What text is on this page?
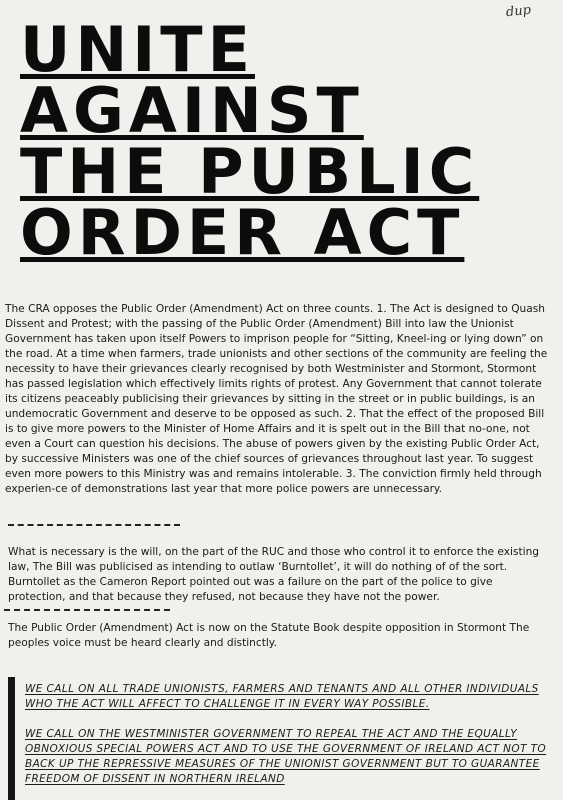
dup
UNITE
AGAINST
THE PUBLIC
ORDER ACT

The CRA opposes the Public Order (Amendment) Act on three counts. 1. The Act is designed to Quash Dissent and Protest; with the passing of the Public Order (Amendment) Bill into law the Unionist Government has taken upon itself Powers to imprison people for “Sitting, Kneel-ing or lying down” on the road. At a time when farmers, trade unionists and other sections of the community are feeling the necessity to have their grievances clearly recognised by both Westminister and Stormont, Stormont has passed legislation which effectively limits rights of protest. Any Government that cannot tolerate its citizens peaceably publicising their grievances by sitting in the street or in public buildings, is an undemocratic Government and deserve to be opposed as such. 2. That the effect of the proposed Bill is to give more powers to the Minister of Home Affairs and it is spelt out in the Bill that no-one, not even a Court can question his decisions. The abuse of powers given by the existing Public Order Act, by successive Ministers was one of the chief sources of grievances throughout last year. To suggest even more powers to this Ministry was and remains intolerable. 3. The conviction firmly held through experien-ce of demonstrations last year that more police powers are unnecessary.

What is necessary is the will, on the part of the RUC and those who control it to enforce the existing law, The Bill was publicised as intending to outlaw ‘Burntollet’, it will do nothing of of the sort. Burntollet as the Cameron Report pointed out was a failure on the part of the police to give protection, and that because they refused, not because they have not the power.

The Public Order (Amendment) Act is now on the Statute Book despite opposition in Stormont The peoples voice must be heard clearly and distinctly.

WE CALL ON ALL TRADE UNIONISTS, FARMERS AND TENANTS AND ALL OTHER INDIVIDUALS WHO THE ACT WILL AFFECT TO CHALLENGE IT IN EVERY WAY POSSIBLE.

WE CALL ON THE WESTMINISTER GOVERNMENT TO REPEAL THE ACT AND THE EQUALLY OBNOXIOUS SPECIAL POWERS ACT AND TO USE THE GOVERNMENT OF IRELAND ACT NOT TO BACK UP THE REPRESSIVE MEASURES OF THE UNIONIST GOVERNMENT BUT TO GUARANTEE FREEDOM OF DISSENT IN NORTHERN IRELAND
